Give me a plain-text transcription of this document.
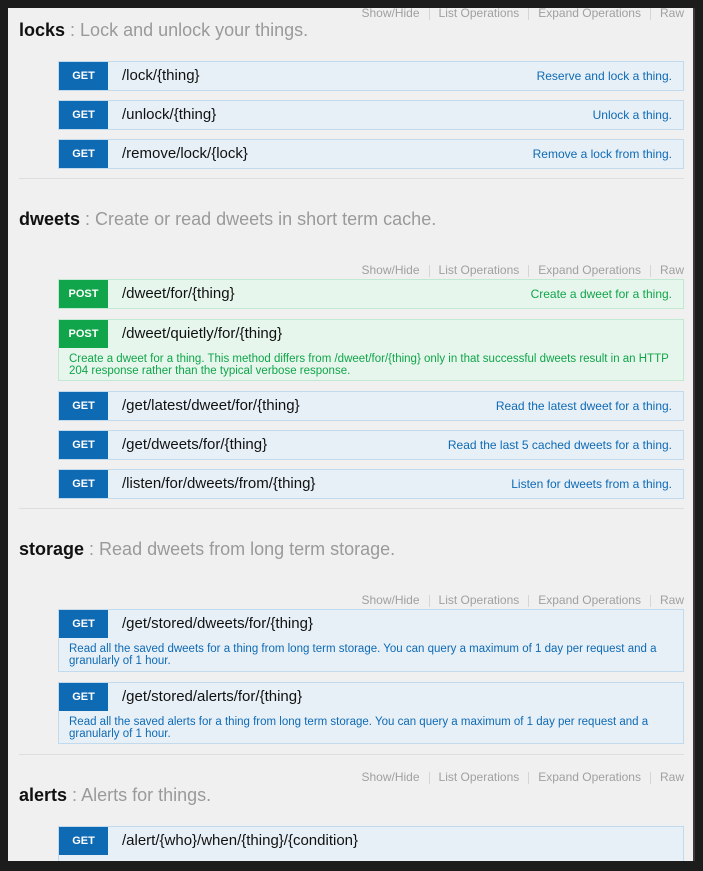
Show/Hide List Operations Expand Operations Raw
locks : Lock and unlock your things.
GET	/lock/{thing}	Reserve and lock a thing.
GET	/unlock/{thing}	Unlock a thing.
GET	/remove/lock/{lock}	Remove a lock from thing.
dweets : Create or read dweets in short term cache.
Show/Hide List Operations Expand Operations Raw
POST	/dweet/for/{thing}	Create a dweet for a thing.
POST	/dweet/quietly/for/{thing}
Create a dweet for a thing. This method differs from /dweet/for/{thing} only in that successful dweets result in an HTTP 204 response rather than the typical verbose response.
GET	/get/latest/dweet/for/{thing}	Read the latest dweet for a thing.
GET	/get/dweets/for/{thing}	Read the last 5 cached dweets for a thing.
GET	/listen/for/dweets/from/{thing}	Listen for dweets from a thing.
storage : Read dweets from long term storage.
Show/Hide List Operations Expand Operations Raw
GET	/get/stored/dweets/for/{thing}
Read all the saved dweets for a thing from long term storage. You can query a maximum of 1 day per request and a granularly of 1 hour.
GET	/get/stored/alerts/for/{thing}
Read all the saved alerts for a thing from long term storage. You can query a maximum of 1 day per request and a granularly of 1 hour.
Show/Hide List Operations Expand Operations Raw
alerts : Alerts for things.
GET	/alert/{who}/when/{thing}/{condition}
